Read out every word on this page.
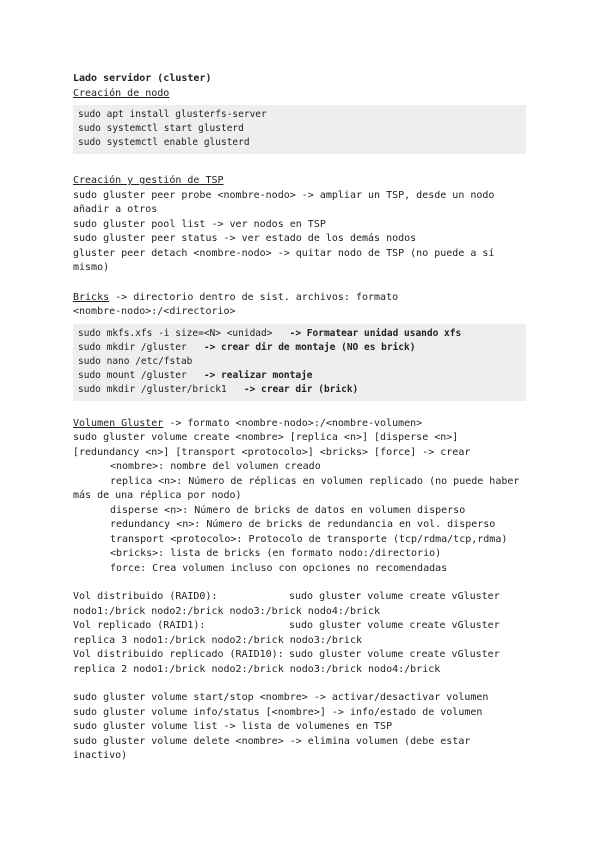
Lado servidor (cluster)
Creación de nodo
sudo apt install glusterfs-server
sudo systemctl start glusterd
sudo systemctl enable glusterd
Creación y gestión de TSP
sudo gluster peer probe <nombre-nodo> -> ampliar un TSP, desde un nodo añadir a otros
sudo gluster pool list -> ver nodos en TSP
sudo gluster peer status -> ver estado de los demás nodos
gluster peer detach <nombre-nodo> -> quitar nodo de TSP (no puede a sí mismo)
Bricks -> directorio dentro de sist. archivos: formato
<nombre-nodo>:/<directorio>
sudo mkfs.xfs -i size=<N> <unidad>   -> Formatear unidad usando xfs
sudo mkdir /gluster   -> crear dir de montaje (NO es brick)
sudo nano /etc/fstab
sudo mount /gluster   -> realizar montaje
sudo mkdir /gluster/brick1   -> crear dir (brick)
Volumen Gluster -> formato <nombre-nodo>:/<nombre-volumen>
sudo gluster volume create <nombre> [replica <n>] [disperse <n>] [redundancy <n>] [transport <protocolo>] <bricks> [force] -> crear
<nombre>: nombre del volumen creado
replica <n>: Número de réplicas en volumen replicado (no puede haber
más de una réplica por nodo)
disperse <n>: Número de bricks de datos en volumen disperso
redundancy <n>: Número de bricks de redundancia en vol. disperso
transport <protocolo>: Protocolo de transporte (tcp/rdma/tcp,rdma)
<bricks>: lista de bricks (en formato nodo:/directorio)
force: Crea volumen incluso con opciones no recomendadas
Vol distribuido (RAID0):	sudo gluster volume create vGluster
nodo1:/brick nodo2:/brick nodo3:/brick nodo4:/brick
Vol replicado (RAID1):	sudo gluster volume create vGluster
replica 3 nodo1:/brick nodo2:/brick nodo3:/brick
Vol distribuido replicado (RAID10): sudo gluster volume create vGluster
replica 2 nodo1:/brick nodo2:/brick nodo3:/brick nodo4:/brick
sudo gluster volume start/stop <nombre> -> activar/desactivar volumen
sudo gluster volume info/status [<nombre>] -> info/estado de volumen
sudo gluster volume list -> lista de volumenes en TSP
sudo gluster volume delete <nombre> -> elimina volumen (debe estar inactivo)
